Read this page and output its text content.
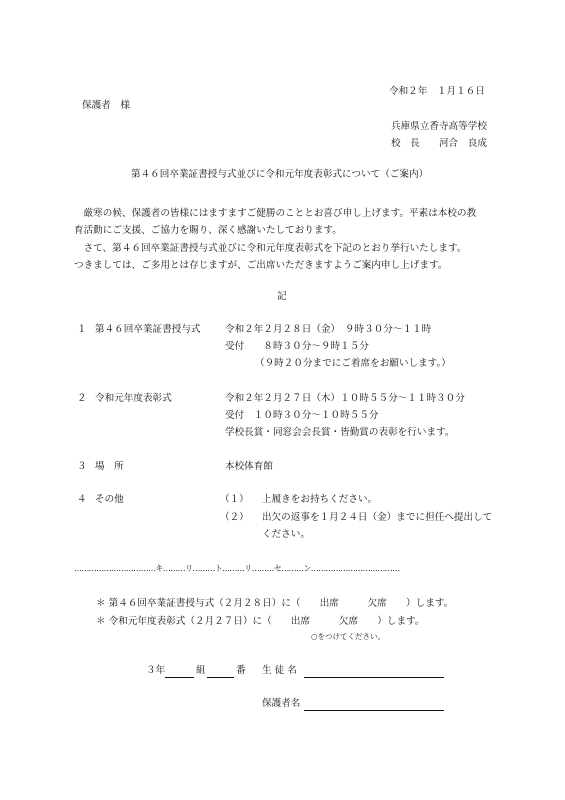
令和２年　１月１６日
保護者　様
兵庫県立香寺高等学校
校　長　　河合　良成
第４６回卒業証書授与式並びに令和元年度表彰式について（ご案内）
　厳寒の候、保護者の皆様にはますますご健勝のこととお喜び申し上げます。平素は本校の教
育活動にご支援、ご協力を賜り、深く感謝いたしております。
　さて、第４６回卒業証書授与式並びに令和元年度表彰式を下記のとおり挙行いたします。
つきましては、ご多用とは存じますが、ご出席いただきますようご案内申し上げます。
記
１ 第４６回卒業証書授与式	令和２年２月２８日（金）　９時３０分～１１時
受付　　８時３０分～９時１５分
（９時２０分までにご着席をお願いします。）
２ 令和元年度表彰式	令和２年２月２７日（木）１０時５５分～１１時３０分
受付　１０時３０分～１０時５５分
学校長賞・同窓会会長賞・皆勤賞の表彰を行います。
３ 場　所	本校体育館
４ その他	（１） 上履きをお持ちください。
（２） 出欠の返事を１月２４日（金）までに担任へ提出して
ください。
……………………………キ………リ………ト………リ………セ………ン………………………………
＊ 第４６回卒業証書授与式（２月２８日）に（　　出席　　　欠席　　）します。
＊ 令和元年度表彰式（２月２７日）に（　　出席　　　欠席　　）します。
○をつけてください。
３年	組	番 生 徒 名
保護者名
